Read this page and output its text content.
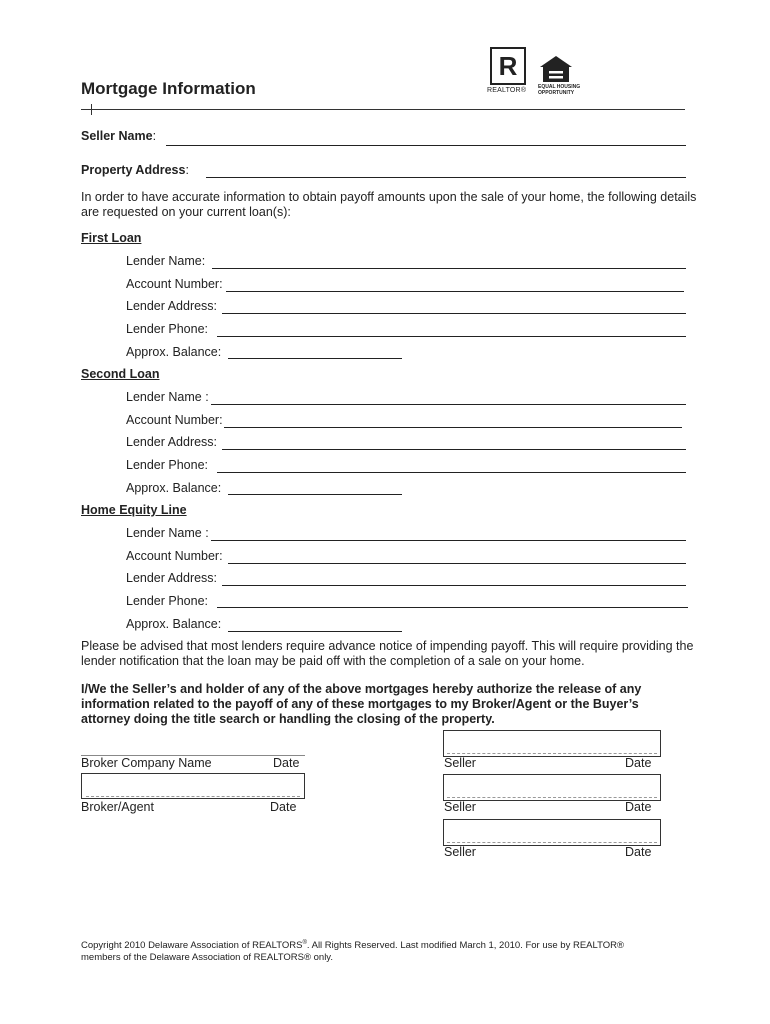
R
REALTOR® EQUAL HOUSING
OPPORTUNITY
Mortgage Information
Seller Name:
Property Address:
In order to have accurate information to obtain payoff amounts upon the sale of your home, the following details are requested on your current loan(s):
First Loan
Lender Name:
Account Number:
Lender Address:
Lender Phone:
Approx. Balance:
Second Loan
Lender Name :
Account Number:
Lender Address:
Lender Phone:
Approx. Balance:
Home Equity Line
Lender Name :
Account Number:
Lender Address:
Lender Phone:
Approx. Balance:
Please be advised that most lenders require advance notice of impending payoff. This will require providing the lender notification that the loan may be paid off with the completion of a sale on your home.
I/We the Seller’s and holder of any of the above mortgages hereby authorize the release of any information related to the payoff of any of these mortgages to my Broker/Agent or the Buyer’s attorney doing the title search or handling the closing of the property.
Broker Company Name	Date
Broker/Agent	Date
Seller	Date
Seller	Date
Seller	Date
Copyright 2010 Delaware Association of REALTORS®. All Rights Reserved. Last modified March 1, 2010. For use by REALTOR®
members of the Delaware Association of REALTORS® only.
